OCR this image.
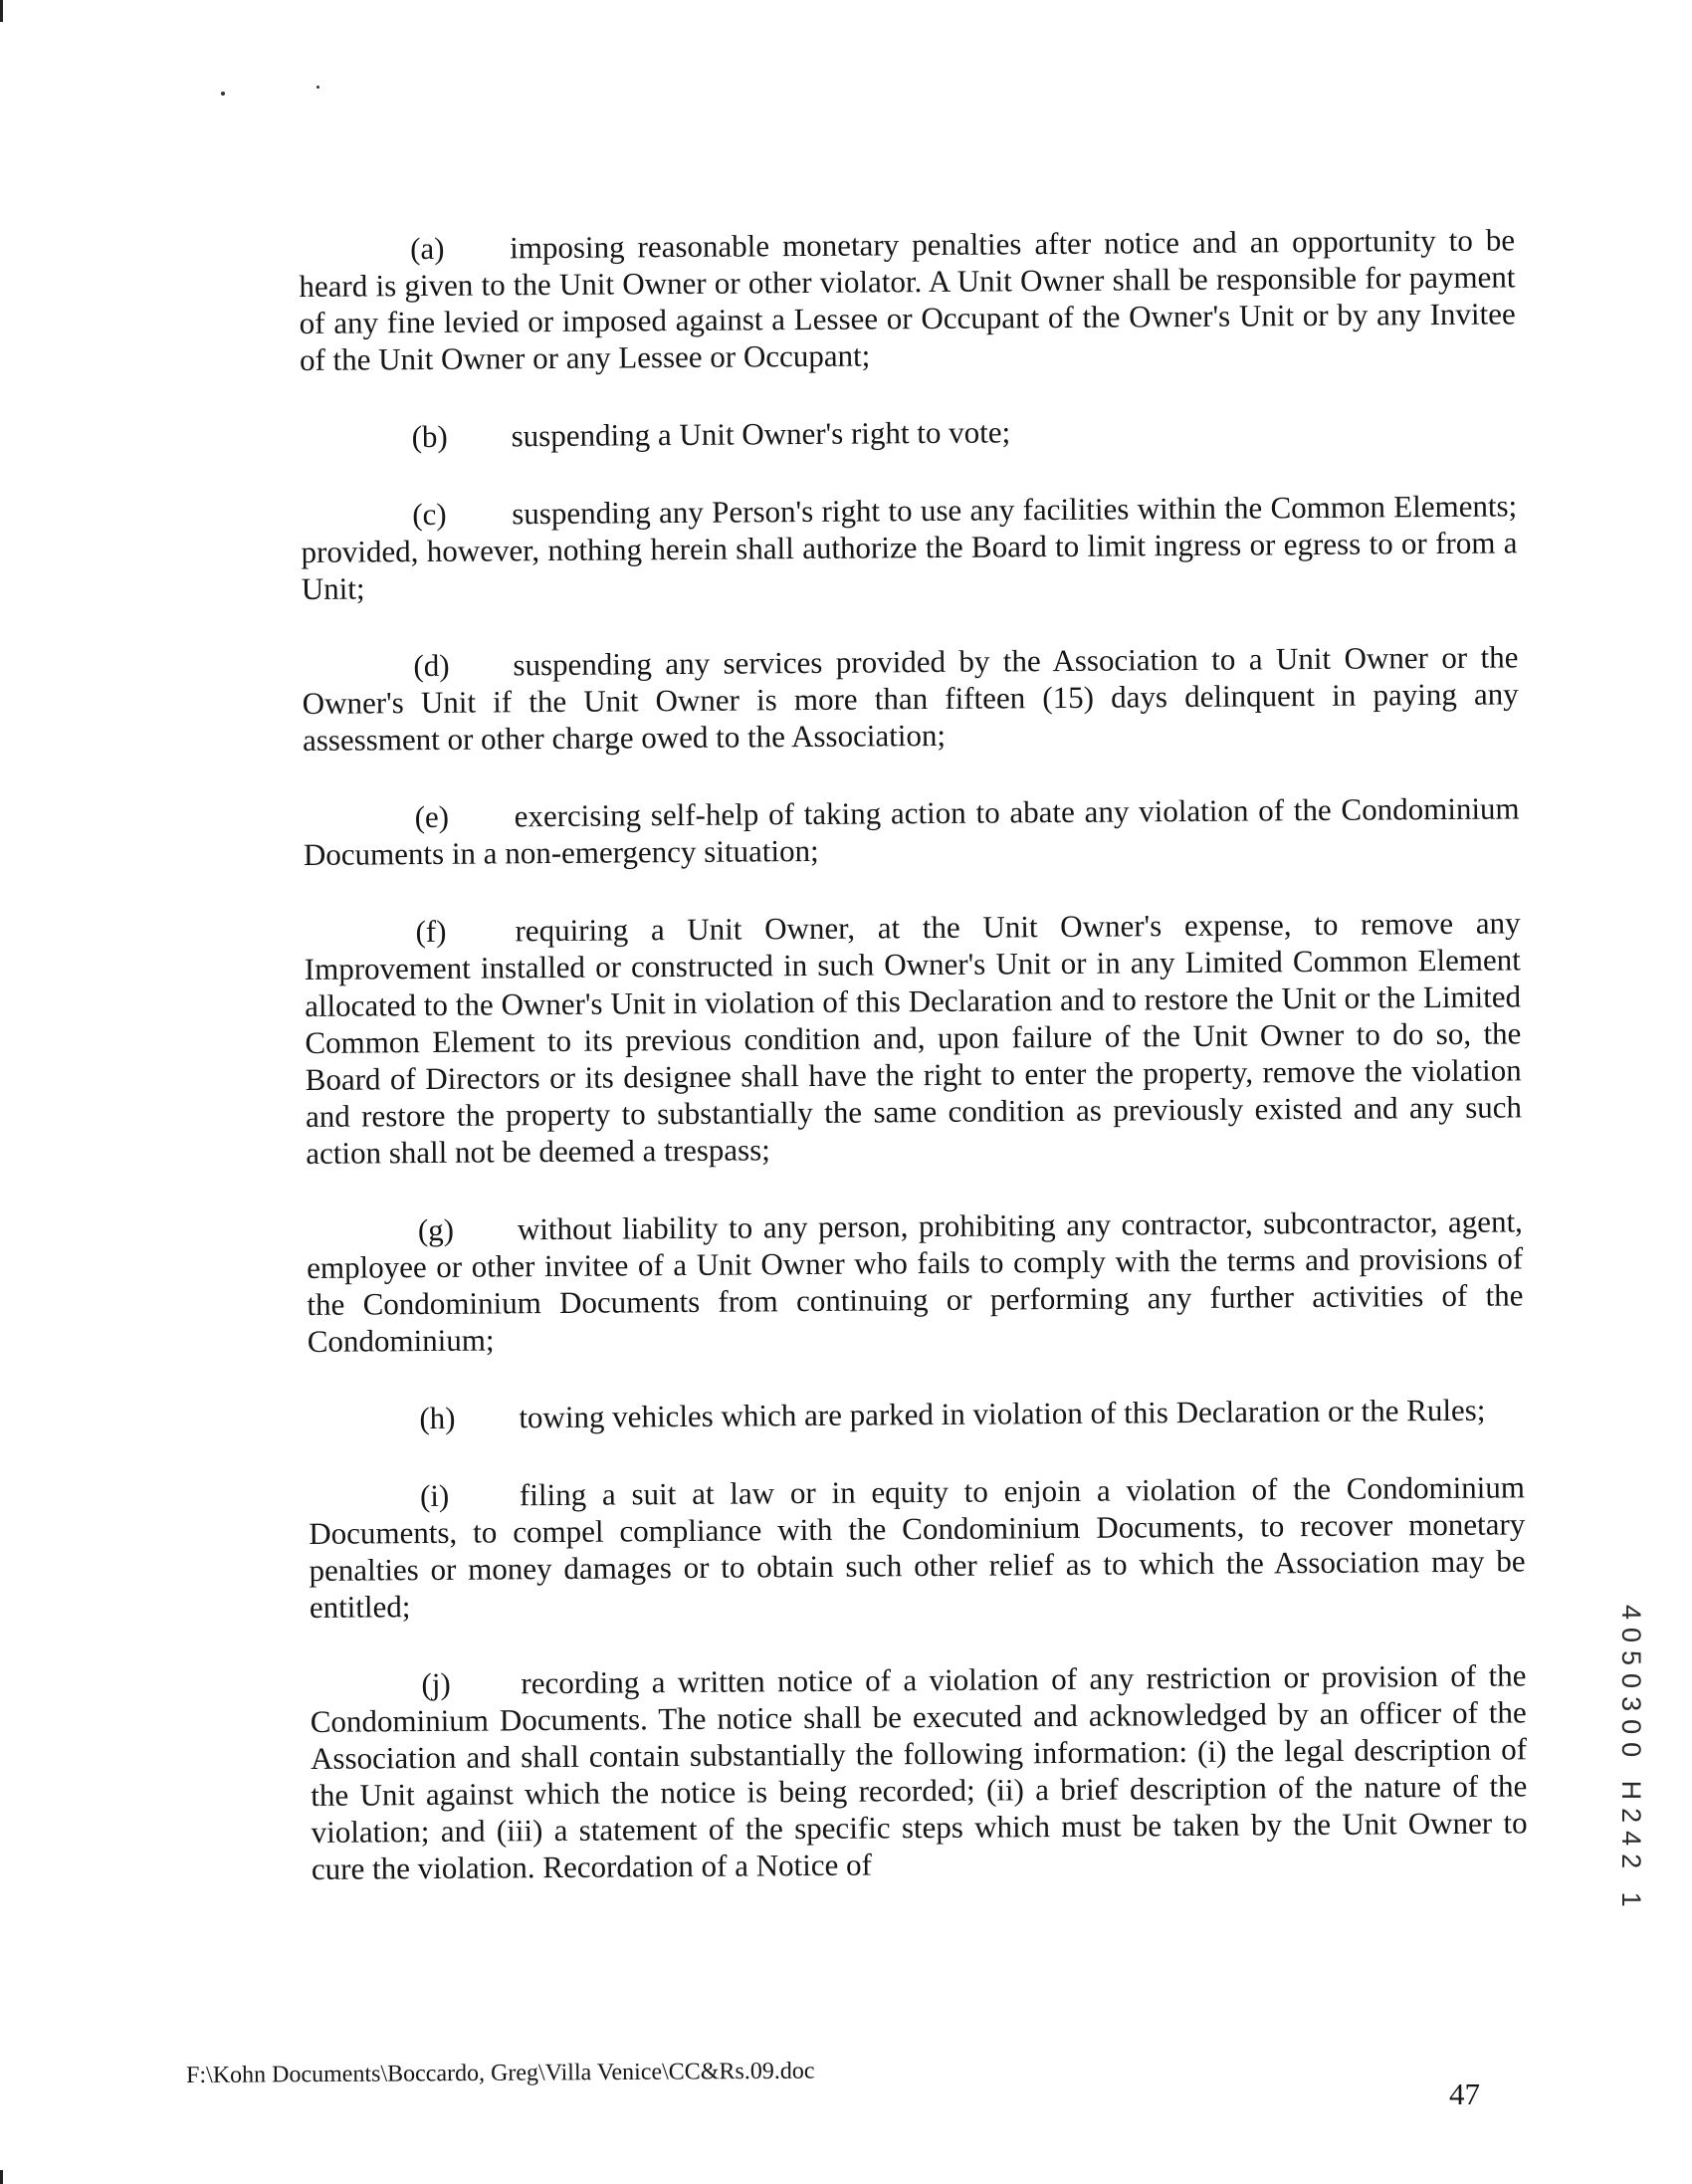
(a) imposing reasonable monetary penalties after notice and an opportunity to be heard is given to the Unit Owner or other violator. A Unit Owner shall be responsible for payment of any fine levied or imposed against a Lessee or Occupant of the Owner's Unit or by any Invitee of the Unit Owner or any Lessee or Occupant;

(b) suspending a Unit Owner's right to vote;

(c) suspending any Person's right to use any facilities within the Common Elements; provided, however, nothing herein shall authorize the Board to limit ingress or egress to or from a Unit;

(d) suspending any services provided by the Association to a Unit Owner or the Owner's Unit if the Unit Owner is more than fifteen (15) days delinquent in paying any assessment or other charge owed to the Association;

(e) exercising self-help of taking action to abate any violation of the Condominium Documents in a non-emergency situation;

(f) requiring a Unit Owner, at the Unit Owner's expense, to remove any Improvement installed or constructed in such Owner's Unit or in any Limited Common Element allocated to the Owner's Unit in violation of this Declaration and to restore the Unit or the Limited Common Element to its previous condition and, upon failure of the Unit Owner to do so, the Board of Directors or its designee shall have the right to enter the property, remove the violation and restore the property to substantially the same condition as previously existed and any such action shall not be deemed a trespass;

(g) without liability to any person, prohibiting any contractor, subcontractor, agent, employee or other invitee of a Unit Owner who fails to comply with the terms and provisions of the Condominium Documents from continuing or performing any further activities of the Condominium;

(h) towing vehicles which are parked in violation of this Declaration or the Rules;

(i) filing a suit at law or in equity to enjoin a violation of the Condominium Documents, to compel compliance with the Condominium Documents, to recover monetary penalties or money damages or to obtain such other relief as to which the Association may be entitled;

(j) recording a written notice of a violation of any restriction or provision of the Condominium Documents. The notice shall be executed and acknowledged by an officer of the Association and shall contain substantially the following information: (i) the legal description of the Unit against which the notice is being recorded; (ii) a brief description of the nature of the violation; and (iii) a statement of the specific steps which must be taken by the Unit Owner to cure the violation. Recordation of a Notice of	4050300 H242 1
F:\Kohn Documents\Boccardo, Greg\Villa Venice\CC&Rs.09.doc
47
